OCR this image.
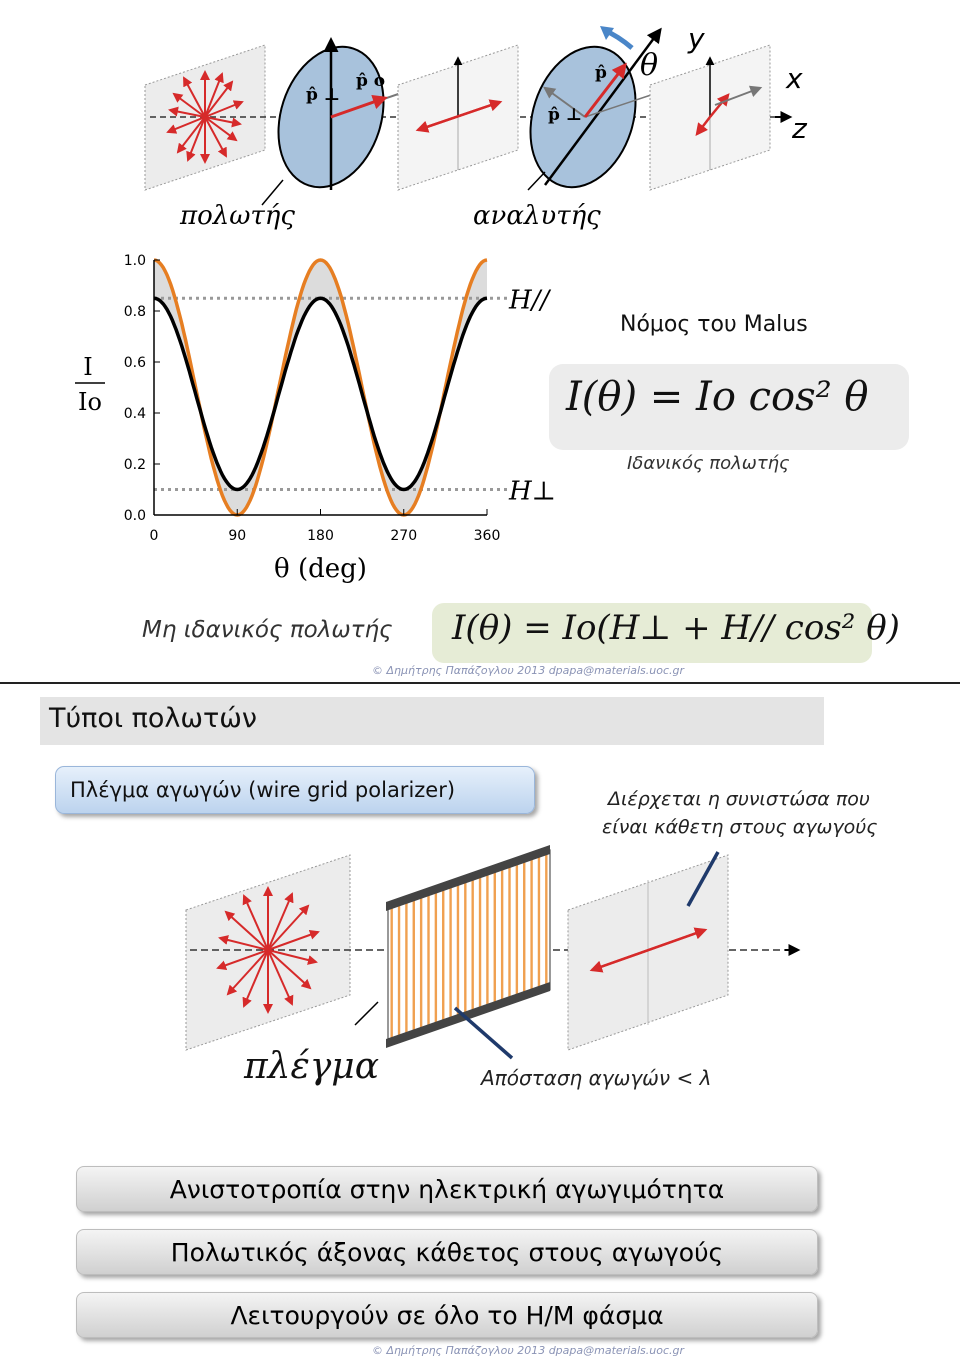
p̂ ⊥
p̂ o	θ
p̂
p̂ ⊥
y
x
z
πολωτής	αναλυτής
0.0
0.2
0.4
0.6
0.8
1.0
0	90	180	270	360
θ (deg)
I
Io
H//
H⊥
Νόμος του Malus
I(θ) = Io cos² θ
Ιδανικός πολωτής
Μη ιδανικός πολωτής I(θ) = Io(H⊥ + H// cos² θ)
© Δημήτρης Παπάζογλου 2013 dpapa@materials.uoc.gr
Τύποι πολωτών
Πλέγμα αγωγών (wire grid polarizer)	Διέρχεται η συνιστώσα που
είναι κάθετη στους αγωγούς
πλέγμα	Απόσταση αγωγών < λ
Ανιστοτροπία στην ηλεκτρική αγωγιμότητα
Πολωτικός άξονας κάθετος στους αγωγούς
Λειτουργούν σε όλο το Η/Μ φάσμα
© Δημήτρης Παπάζογλου 2013 dpapa@materials.uoc.gr
